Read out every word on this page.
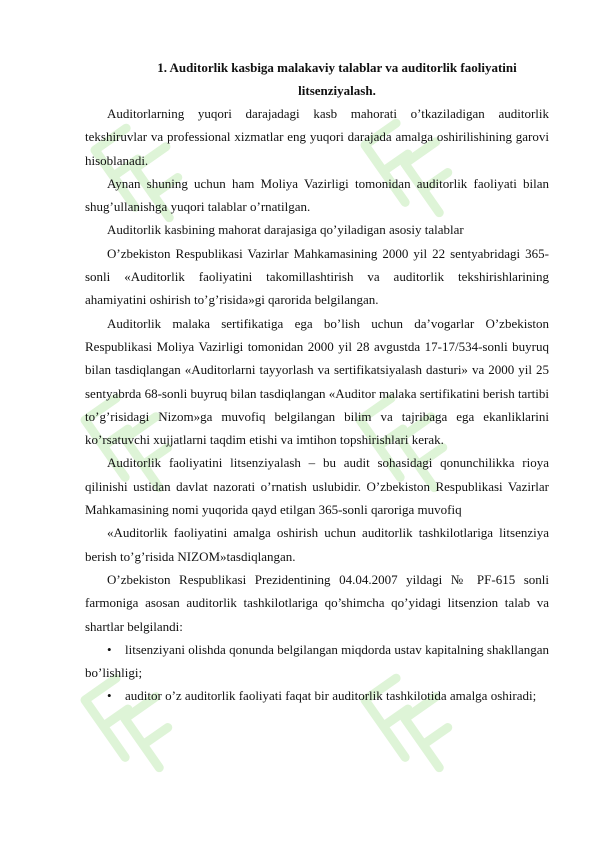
1. Auditorlik kasbiga malakaviy talablar va auditorlik faoliyatini litsenziyalash.

Auditorlarning yuqori darajadagi kasb mahorati o’tkaziladigan auditorlik tekshiruvlar va professional xizmatlar eng yuqori darajada amalga oshirilishining garovi hisoblanadi.

Aynan shuning uchun ham Moliya Vazirligi tomonidan auditorlik faoliyati bilan shug’ullanishga yuqori talablar o’rnatilgan.

Auditorlik kasbining mahorat darajasiga qo’yiladigan asosiy talablar

O’zbekiston Respublikasi Vazirlar Mahkamasining 2000 yil 22 sentyabridagi 365-sonli «Auditorlik faoliyatini takomillashtirish va auditorlik tekshirishlarining ahamiyatini oshirish to’g’risida»gi qarorida belgilangan.

Auditorlik malaka sertifikatiga ega bo’lish uchun da’vogarlar O’zbekiston Respublikasi Moliya Vazirligi tomonidan 2000 yil 28 avgustda 17-17/534-sonli buyruq bilan tasdiqlangan «Auditorlarni tayyorlash va sertifikatsiyalash dasturi» va 2000 yil 25 sentyabrda 68-sonli buyruq bilan tasdiqlangan «Auditor malaka sertifikatini berish tartibi to’g’risidagi Nizom»ga muvofiq belgilangan bilim va tajribaga ega ekanliklarini ko’rsatuvchi xujjatlarni taqdim etishi va imtihon topshirishlari kerak.

Auditorlik faoliyatini litsenziyalash – bu audit sohasidagi qonunchilikka rioya qilinishi ustidan davlat nazorati o’rnatish uslubidir. O’zbekiston Respublikasi Vazirlar Mahkamasining nomi yuqorida qayd etilgan 365-sonli qaroriga muvofiq

«Auditorlik faoliyatini amalga oshirish uchun auditorlik tashkilotlariga litsenziya berish to’g’risida NIZOM»tasdiqlangan.

O’zbekiston Respublikasi Prezidentining 04.04.2007 yildagi № PF-615 sonli farmoniga asosan auditorlik tashkilotlariga qo’shimcha qo’yidagi litsenzion talab va shartlar belgilandi:

• litsenziyani olishda qonunda belgilangan miqdorda ustav kapitalning shakllangan bo’lishligi;

• auditor o’z auditorlik faoliyati faqat bir auditorlik tashkilotida amalga oshiradi;
